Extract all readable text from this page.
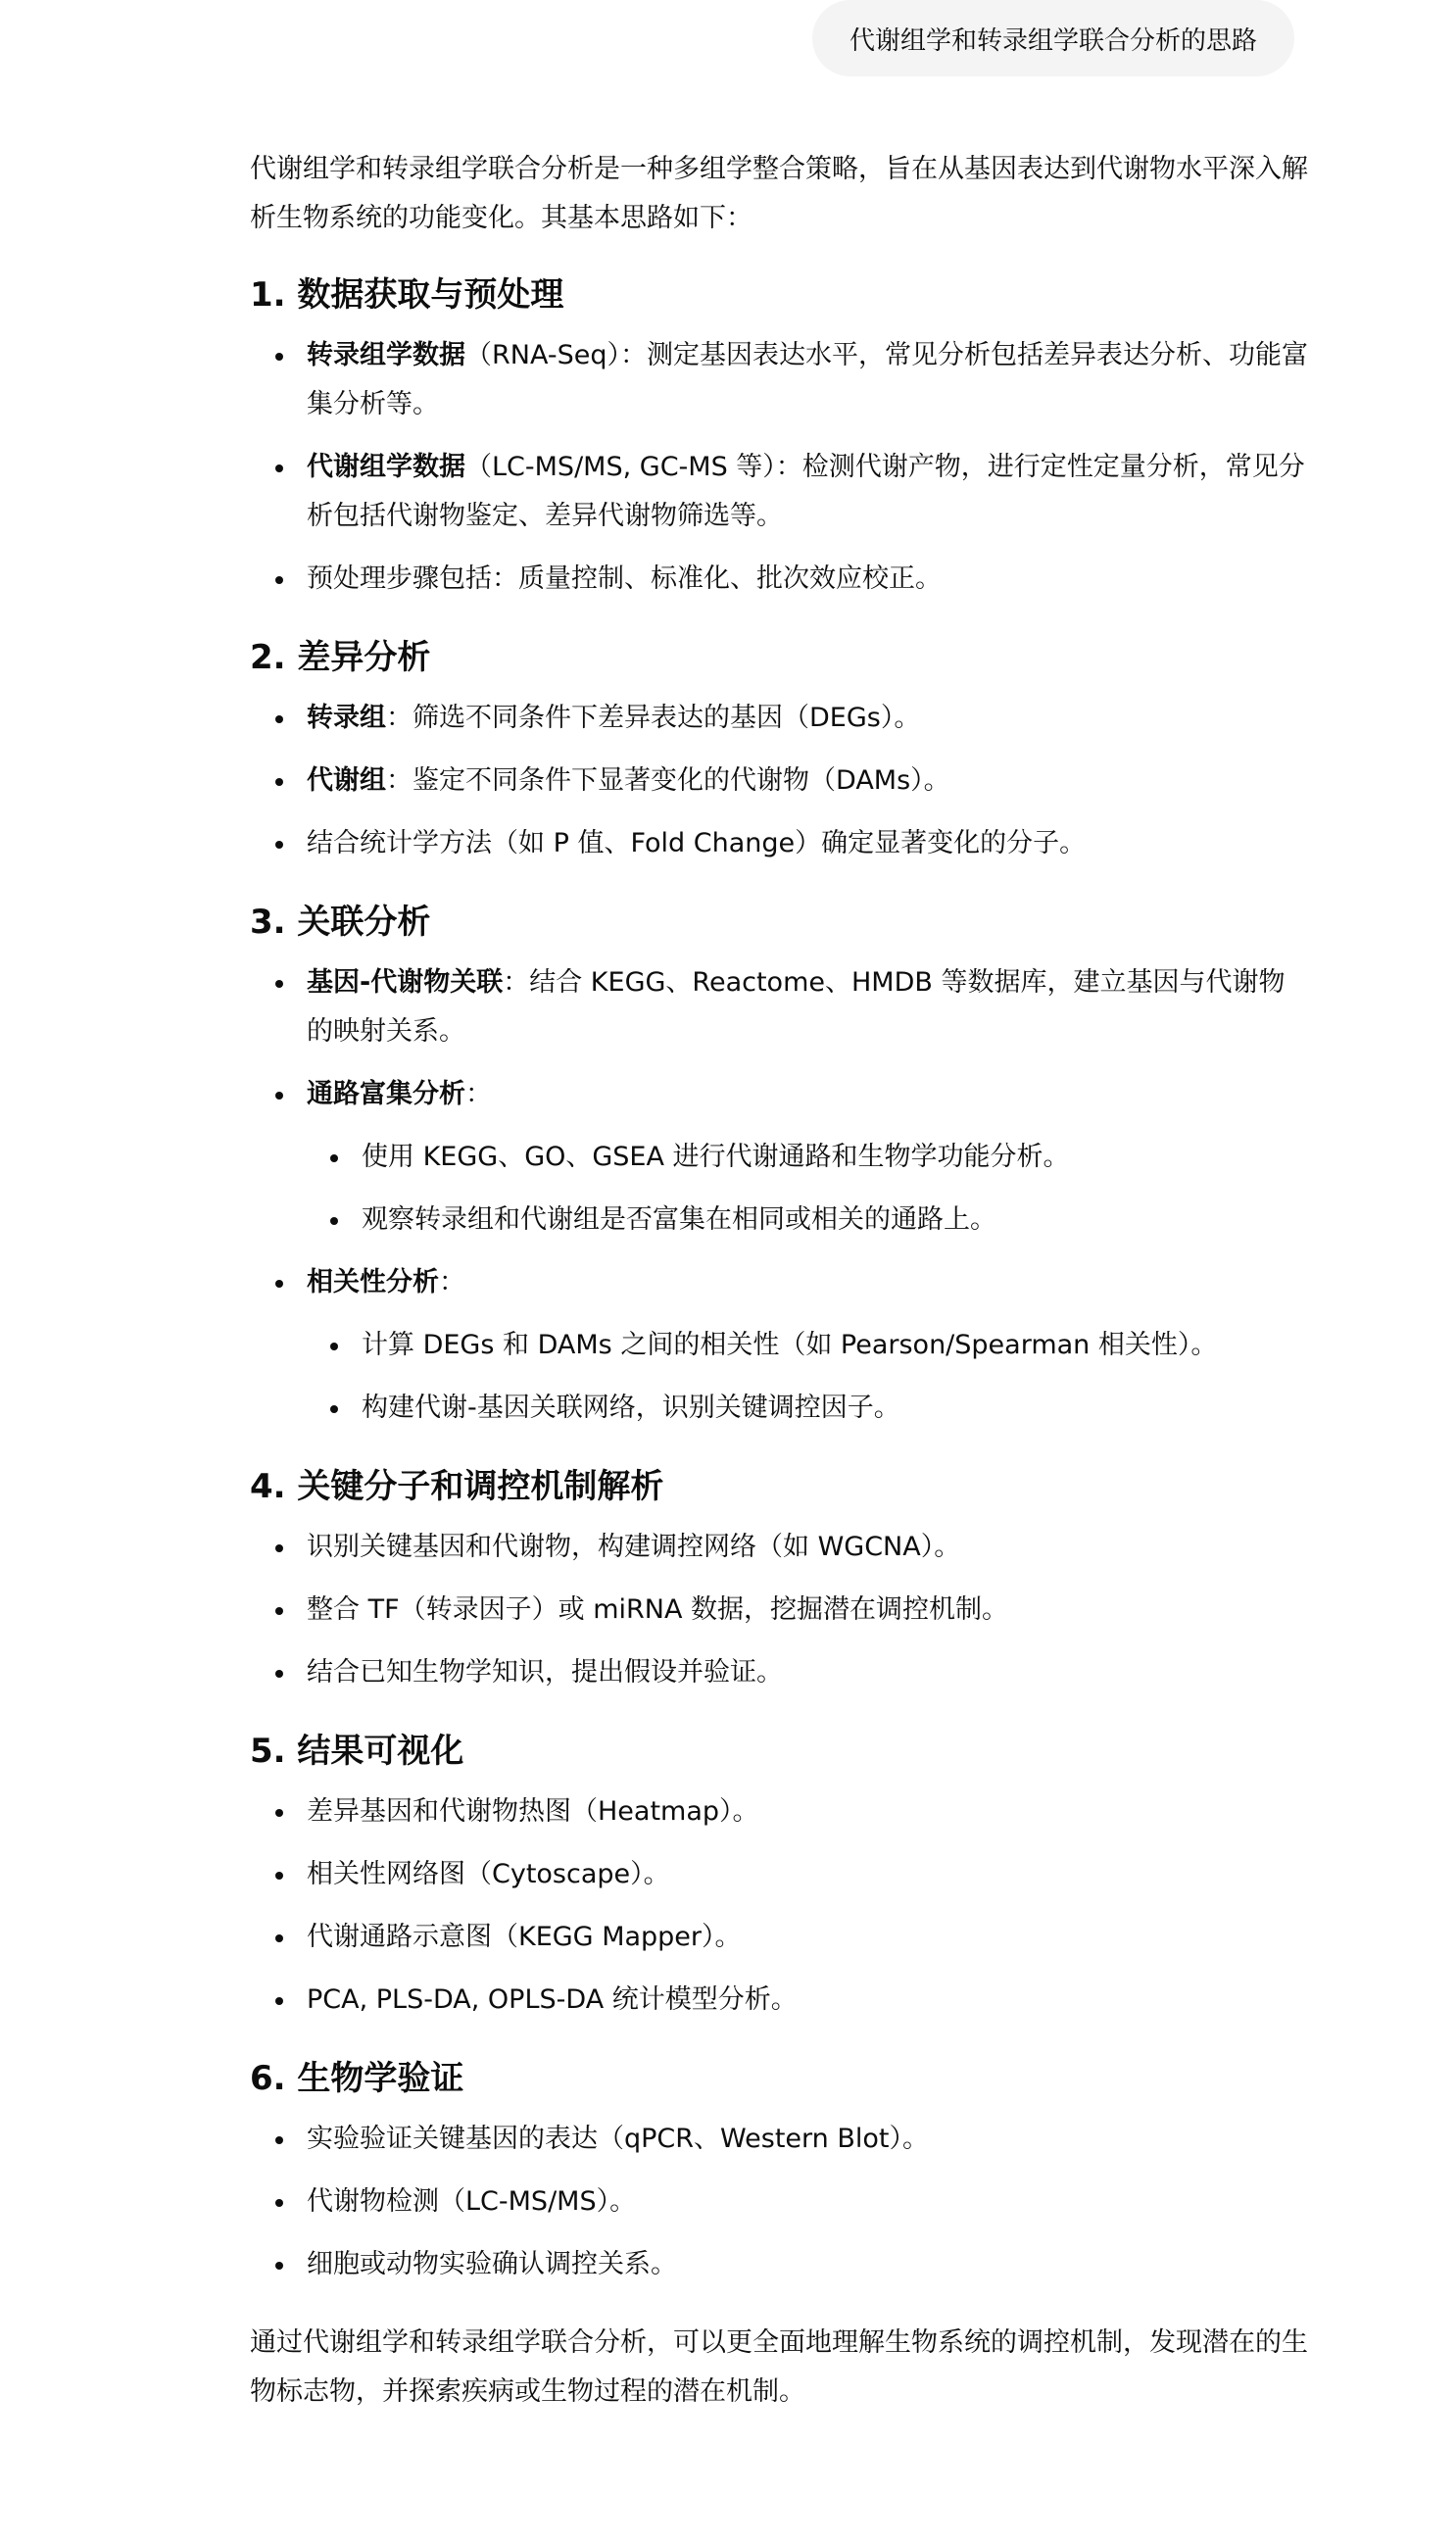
代谢组学和转录组学联合分析的思路

代谢组学和转录组学联合分析是一种多组学整合策略，旨在从基因表达到代谢物水平深入解析生物系统的功能变化。其基本思路如下：

1. 数据获取与预处理
转录组学数据（RNA-Seq）：测定基因表达水平，常见分析包括差异表达分析、功能富集分析等。
代谢组学数据（LC-MS/MS, GC-MS 等）：检测代谢产物，进行定性定量分析，常见分析包括代谢物鉴定、差异代谢物筛选等。
预处理步骤包括：质量控制、标准化、批次效应校正。
2. 差异分析
转录组：筛选不同条件下差异表达的基因（DEGs）。
代谢组：鉴定不同条件下显著变化的代谢物（DAMs）。
结合统计学方法（如 P 值、Fold Change）确定显著变化的分子。
3. 关联分析
基因-代谢物关联：结合 KEGG、Reactome、HMDB 等数据库，建立基因与代谢物的映射关系。
通路富集分析：
使用 KEGG、GO、GSEA 进行代谢通路和生物学功能分析。
观察转录组和代谢组是否富集在相同或相关的通路上。
相关性分析：
计算 DEGs 和 DAMs 之间的相关性（如 Pearson/Spearman 相关性）。
构建代谢-基因关联网络，识别关键调控因子。
4. 关键分子和调控机制解析
识别关键基因和代谢物，构建调控网络（如 WGCNA）。
整合 TF（转录因子）或 miRNA 数据，挖掘潜在调控机制。
结合已知生物学知识，提出假设并验证。
5. 结果可视化
差异基因和代谢物热图（Heatmap）。
相关性网络图（Cytoscape）。
代谢通路示意图（KEGG Mapper）。
PCA, PLS-DA, OPLS-DA 统计模型分析。
6. 生物学验证
实验验证关键基因的表达（qPCR、Western Blot）。
代谢物检测（LC-MS/MS）。
细胞或动物实验确认调控关系。

通过代谢组学和转录组学联合分析，可以更全面地理解生物系统的调控机制，发现潜在的生物标志物，并探索疾病或生物过程的潜在机制。
